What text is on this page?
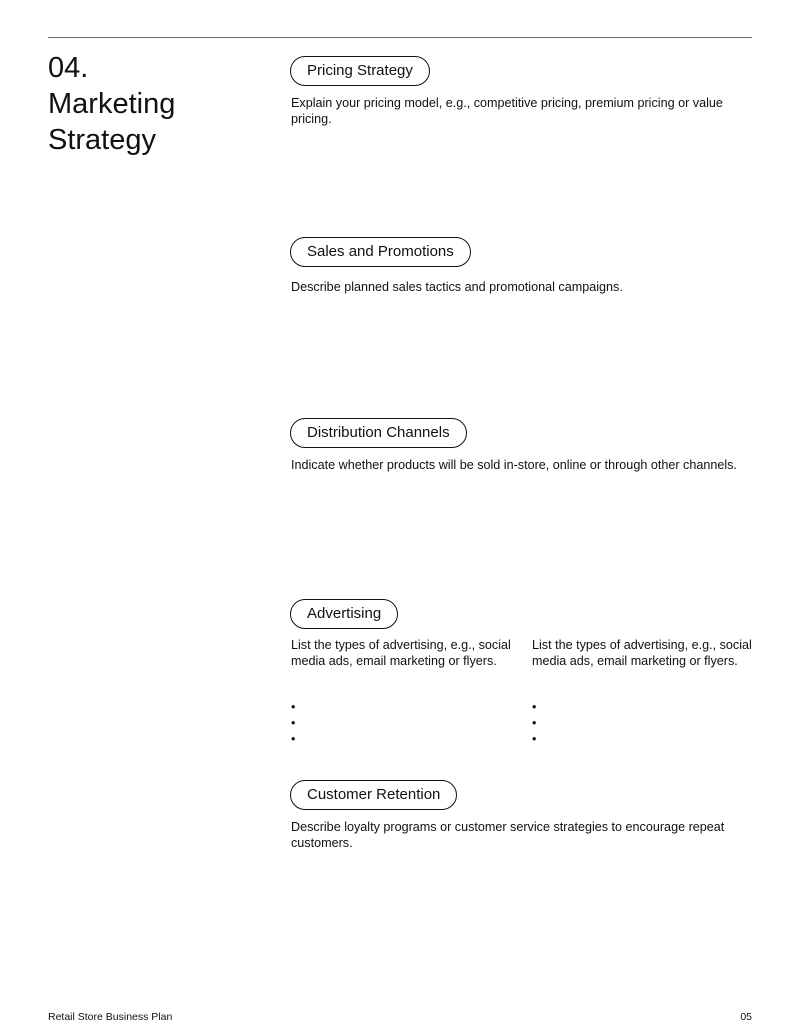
04.
Marketing
Strategy
Pricing Strategy
Explain your pricing model, e.g., competitive pricing, premium pricing or value pricing.
Sales and Promotions
Describe planned sales tactics and promotional campaigns.
Distribution Channels
Indicate whether products will be sold in-store, online or through other channels.
Advertising
List the types of advertising, e.g., social media ads, email marketing or flyers.
•
•
•
List the types of advertising, e.g., social media ads, email marketing or flyers.
•
•
•
Customer Retention
Describe loyalty programs or customer service strategies to encourage repeat customers.
Retail Store Business Plan	05
